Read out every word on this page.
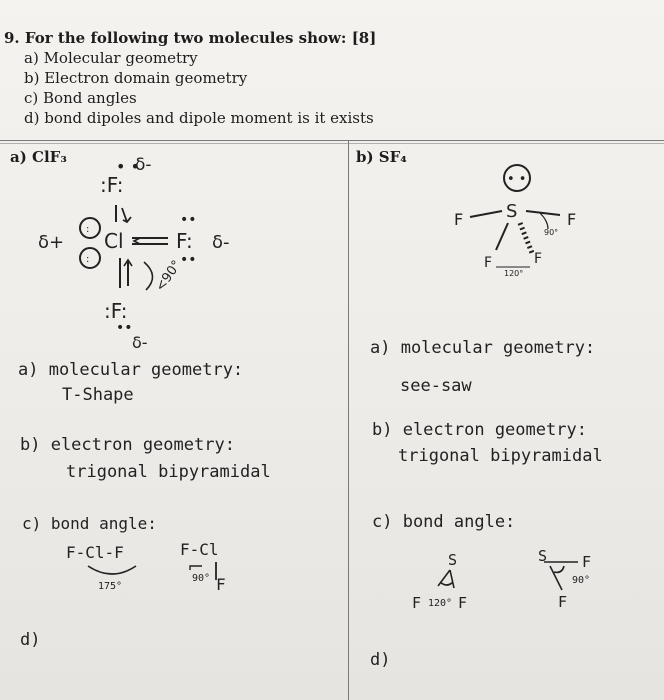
9. For the following two molecules show: [8]
a) Molecular geometry
b) Electron domain geometry
c) Bond angles
d) bond dipoles and dipole moment is it exists
a) ClF₃	b) SF₄
• •
δ-
:F:
δ+
:
:
Cl
••
F: δ-
••
<90°
:F:
••
δ-
• •
F S	F
90°
F	F
120°
a) molecular geometry:
T-Shape
b) electron geometry:
trigonal bipyramidal
c) bond angle:
F-Cl-F
175°
F-Cl
90° F
d)
a) molecular geometry:
see-saw
b) electron geometry:
trigonal bipyramidal
c) bond angle:
S
F 120° F
S F
90°
F
d)
